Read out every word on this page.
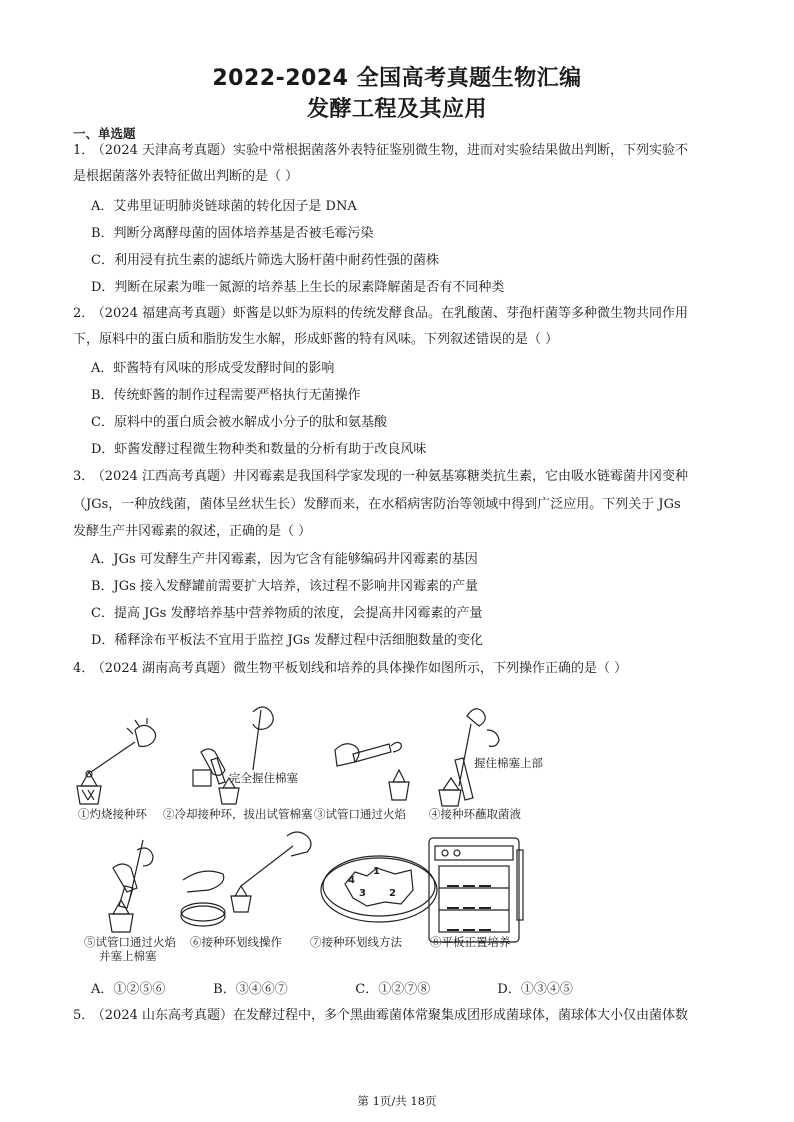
2022-2024 全国高考真题生物汇编
发酵工程及其应用
一、单选题
1． （2024 天津高考真题）实验中常根据菌落外表特征鉴别微生物，进而对实验结果做出判断，下列实验不
是根据菌落外表特征做出判断的是（ ）
A．艾弗里证明肺炎链球菌的转化因子是 DNA
B．判断分离酵母菌的固体培养基是否被毛霉污染
C．利用浸有抗生素的滤纸片筛选大肠杆菌中耐药性强的菌株
D．判断在尿素为唯一氮源的培养基上生长的尿素降解菌是否有不同种类
2． （2024 福建高考真题）虾酱是以虾为原料的传统发酵食品。在乳酸菌、芽孢杆菌等多种微生物共同作用
下，原料中的蛋白质和脂肪发生水解，形成虾酱的特有风味。下列叙述错误的是（ ）
A．虾酱特有风味的形成受发酵时间的影响
B．传统虾酱的制作过程需要严格执行无菌操作
C．原料中的蛋白质会被水解成小分子的肽和氨基酸
D．虾酱发酵过程微生物种类和数量的分析有助于改良风味
3． （2024 江西高考真题）井冈霉素是我国科学家发现的一种氨基寡糖类抗生素，它由吸水链霉菌井冈变种
（JGs，一种放线菌，菌体呈丝状生长）发酵而来，在水稻病害防治等领域中得到广泛应用。下列关于 JGs
发酵生产井冈霉素的叙述，正确的是（ ）
A．JGs 可发酵生产井冈霉素，因为它含有能够编码井冈霉素的基因
B．JGs 接入发酵罐前需要扩大培养，该过程不影响井冈霉素的产量
C．提高 JGs 发酵培养基中营养物质的浓度，会提高井冈霉素的产量
D．稀释涂布平板法不宜用于监控 JGs 发酵过程中活细胞数量的变化
4． （2024 湖南高考真题）微生物平板划线和培养的具体操作如图所示，下列操作正确的是（ ）
4
1
3 2
完全握住棉塞
握住棉塞上部
①灼烧接种环 ②冷却接种环，拔出试管棉塞 ③试管口通过火焰 ④接种环蘸取菌液
⑤试管口通过火焰
并塞上棉塞
⑥接种环划线操作 ⑦接种环划线方法 ⑧平板正置培养
A．①②⑤⑥	B．③④⑥⑦	C．①②⑦⑧	D．①③④⑤
5． （2024 山东高考真题）在发酵过程中，多个黑曲霉菌体常聚集成团形成菌球体，菌球体大小仅由菌体数
第 1页/共 18页
